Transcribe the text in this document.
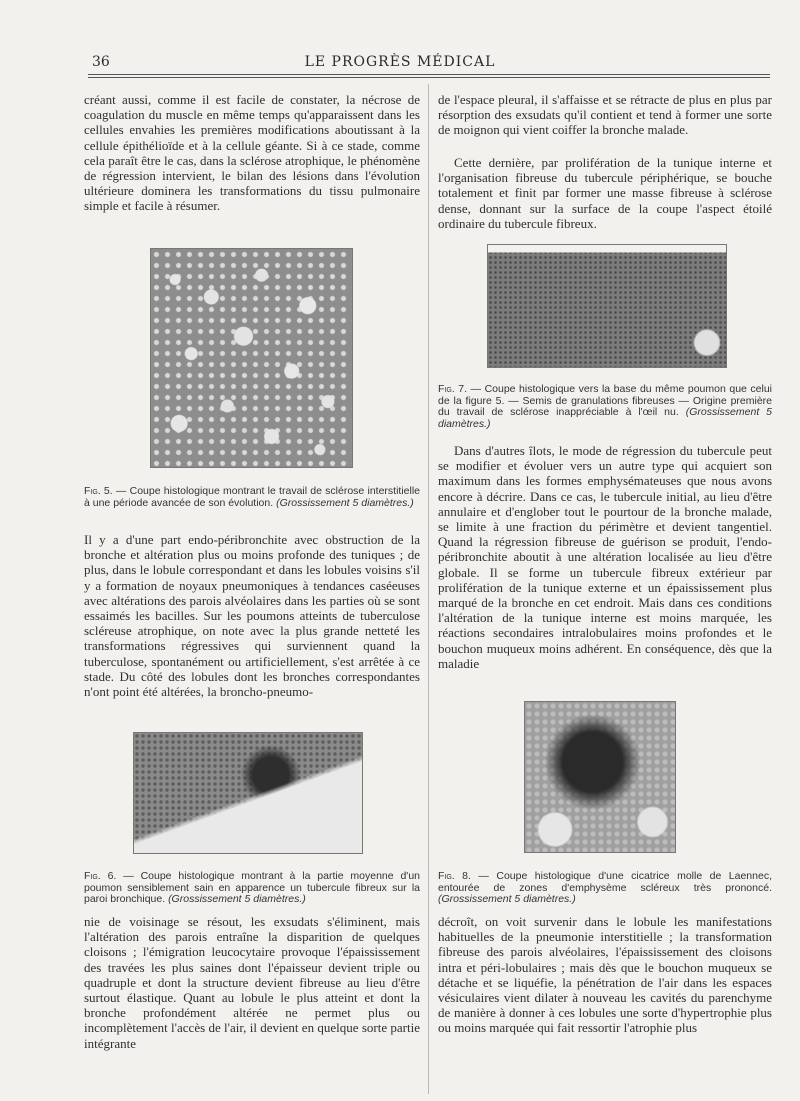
36	LE PROGRÈS MÉDICAL

créant aussi, comme il est facile de constater, la nécrose de coagulation du muscle en même temps qu'apparaissent dans les cellules envahies les premières modifications aboutissant à la cellule épithélioïde et à la cellule géante. Si à ce stade, comme cela paraît être le cas, dans la sclérose atrophique, le phénomène de régression intervient, le bilan des lésions dans l'évolution ultérieure dominera les transformations du tissu pulmonaire simple et facile à résumer.

Fig. 5. — Coupe histologique montrant le travail de sclérose interstitielle à une période avancée de son évolution. (Grossissement 5 diamètres.)

Il y a d'une part endo-péribronchite avec obstruction de la bronche et altération plus ou moins profonde des tuniques ; de plus, dans le lobule correspondant et dans les lobules voisins s'il y a formation de noyaux pneumoniques à tendances caséeuses avec altérations des parois alvéolaires dans les parties où se sont essaimés les bacilles. Sur les poumons atteints de tuberculose scléreuse atrophique, on note avec la plus grande netteté les transformations régressives qui surviennent quand la tuberculose, spontanément ou artificiellement, s'est arrêtée à ce stade. Du côté des lobules dont les bronches correspondantes n'ont point été altérées, la broncho-pneumo-

Fig. 6. — Coupe histologique montrant à la partie moyenne d'un poumon sensiblement sain en apparence un tubercule fibreux sur la paroi bronchique. (Grossissement 5 diamètres.)

nie de voisinage se résout, les exsudats s'éliminent, mais l'altération des parois entraîne la disparition de quelques cloisons ; l'émigration leucocytaire provoque l'épaississement des travées les plus saines dont l'épaisseur devient triple ou quadruple et dont la structure devient fibreuse au lieu d'être surtout élastique. Quant au lobule le plus atteint et dont la bronche profondément altérée ne permet plus ou incomplètement l'accès de l'air, il devient en quelque sorte partie intégrante

de l'espace pleural, il s'affaisse et se rétracte de plus en plus par résorption des exsudats qu'il contient et tend à former une sorte de moignon qui vient coiffer la bronche malade.

Cette dernière, par prolifération de la tunique interne et l'organisation fibreuse du tubercule périphérique, se bouche totalement et finit par former une masse fibreuse à sclérose dense, donnant sur la surface de la coupe l'aspect étoilé ordinaire du tubercule fibreux.

Fig. 7. — Coupe histologique vers la base du même poumon que celui de la figure 5. — Semis de granulations fibreuses — Origine première du travail de sclérose inappréciable à l'œil nu. (Grossissement 5 diamètres.)

Dans d'autres îlots, le mode de régression du tubercule peut se modifier et évoluer vers un autre type qui acquiert son maximum dans les formes emphysémateuses que nous avons encore à décrire. Dans ce cas, le tubercule initial, au lieu d'être annulaire et d'englober tout le pourtour de la bronche malade, se limite à une fraction du périmètre et devient tangentiel. Quand la régression fibreuse de guérison se produit, l'endo-péribronchite aboutit à une altération localisée au lieu d'être globale. Il se forme un tubercule fibreux extérieur par prolifération de la tunique externe et un épaississement plus marqué de la bronche en cet endroit. Mais dans ces conditions l'altération de la tunique interne est moins marquée, les réactions secondaires intralobulaires moins profondes et le bouchon muqueux moins adhérent. En conséquence, dès que la maladie

Fig. 8. — Coupe histologique d'une cicatrice molle de Laennec, entourée de zones d'emphysème scléreux très prononcé. (Grossissement 5 diamètres.)

décroît, on voit survenir dans le lobule les manifestations habituelles de la pneumonie interstitielle ; la transformation fibreuse des parois alvéolaires, l'épaississement des cloisons intra et péri-lobulaires ; mais dès que le bouchon muqueux se détache et se liquéfie, la pénétration de l'air dans les espaces vésiculaires vient dilater à nouveau les cavités du parenchyme de manière à donner à ces lobules une sorte d'hypertrophie plus ou moins marquée qui fait ressortir l'atrophie plus
